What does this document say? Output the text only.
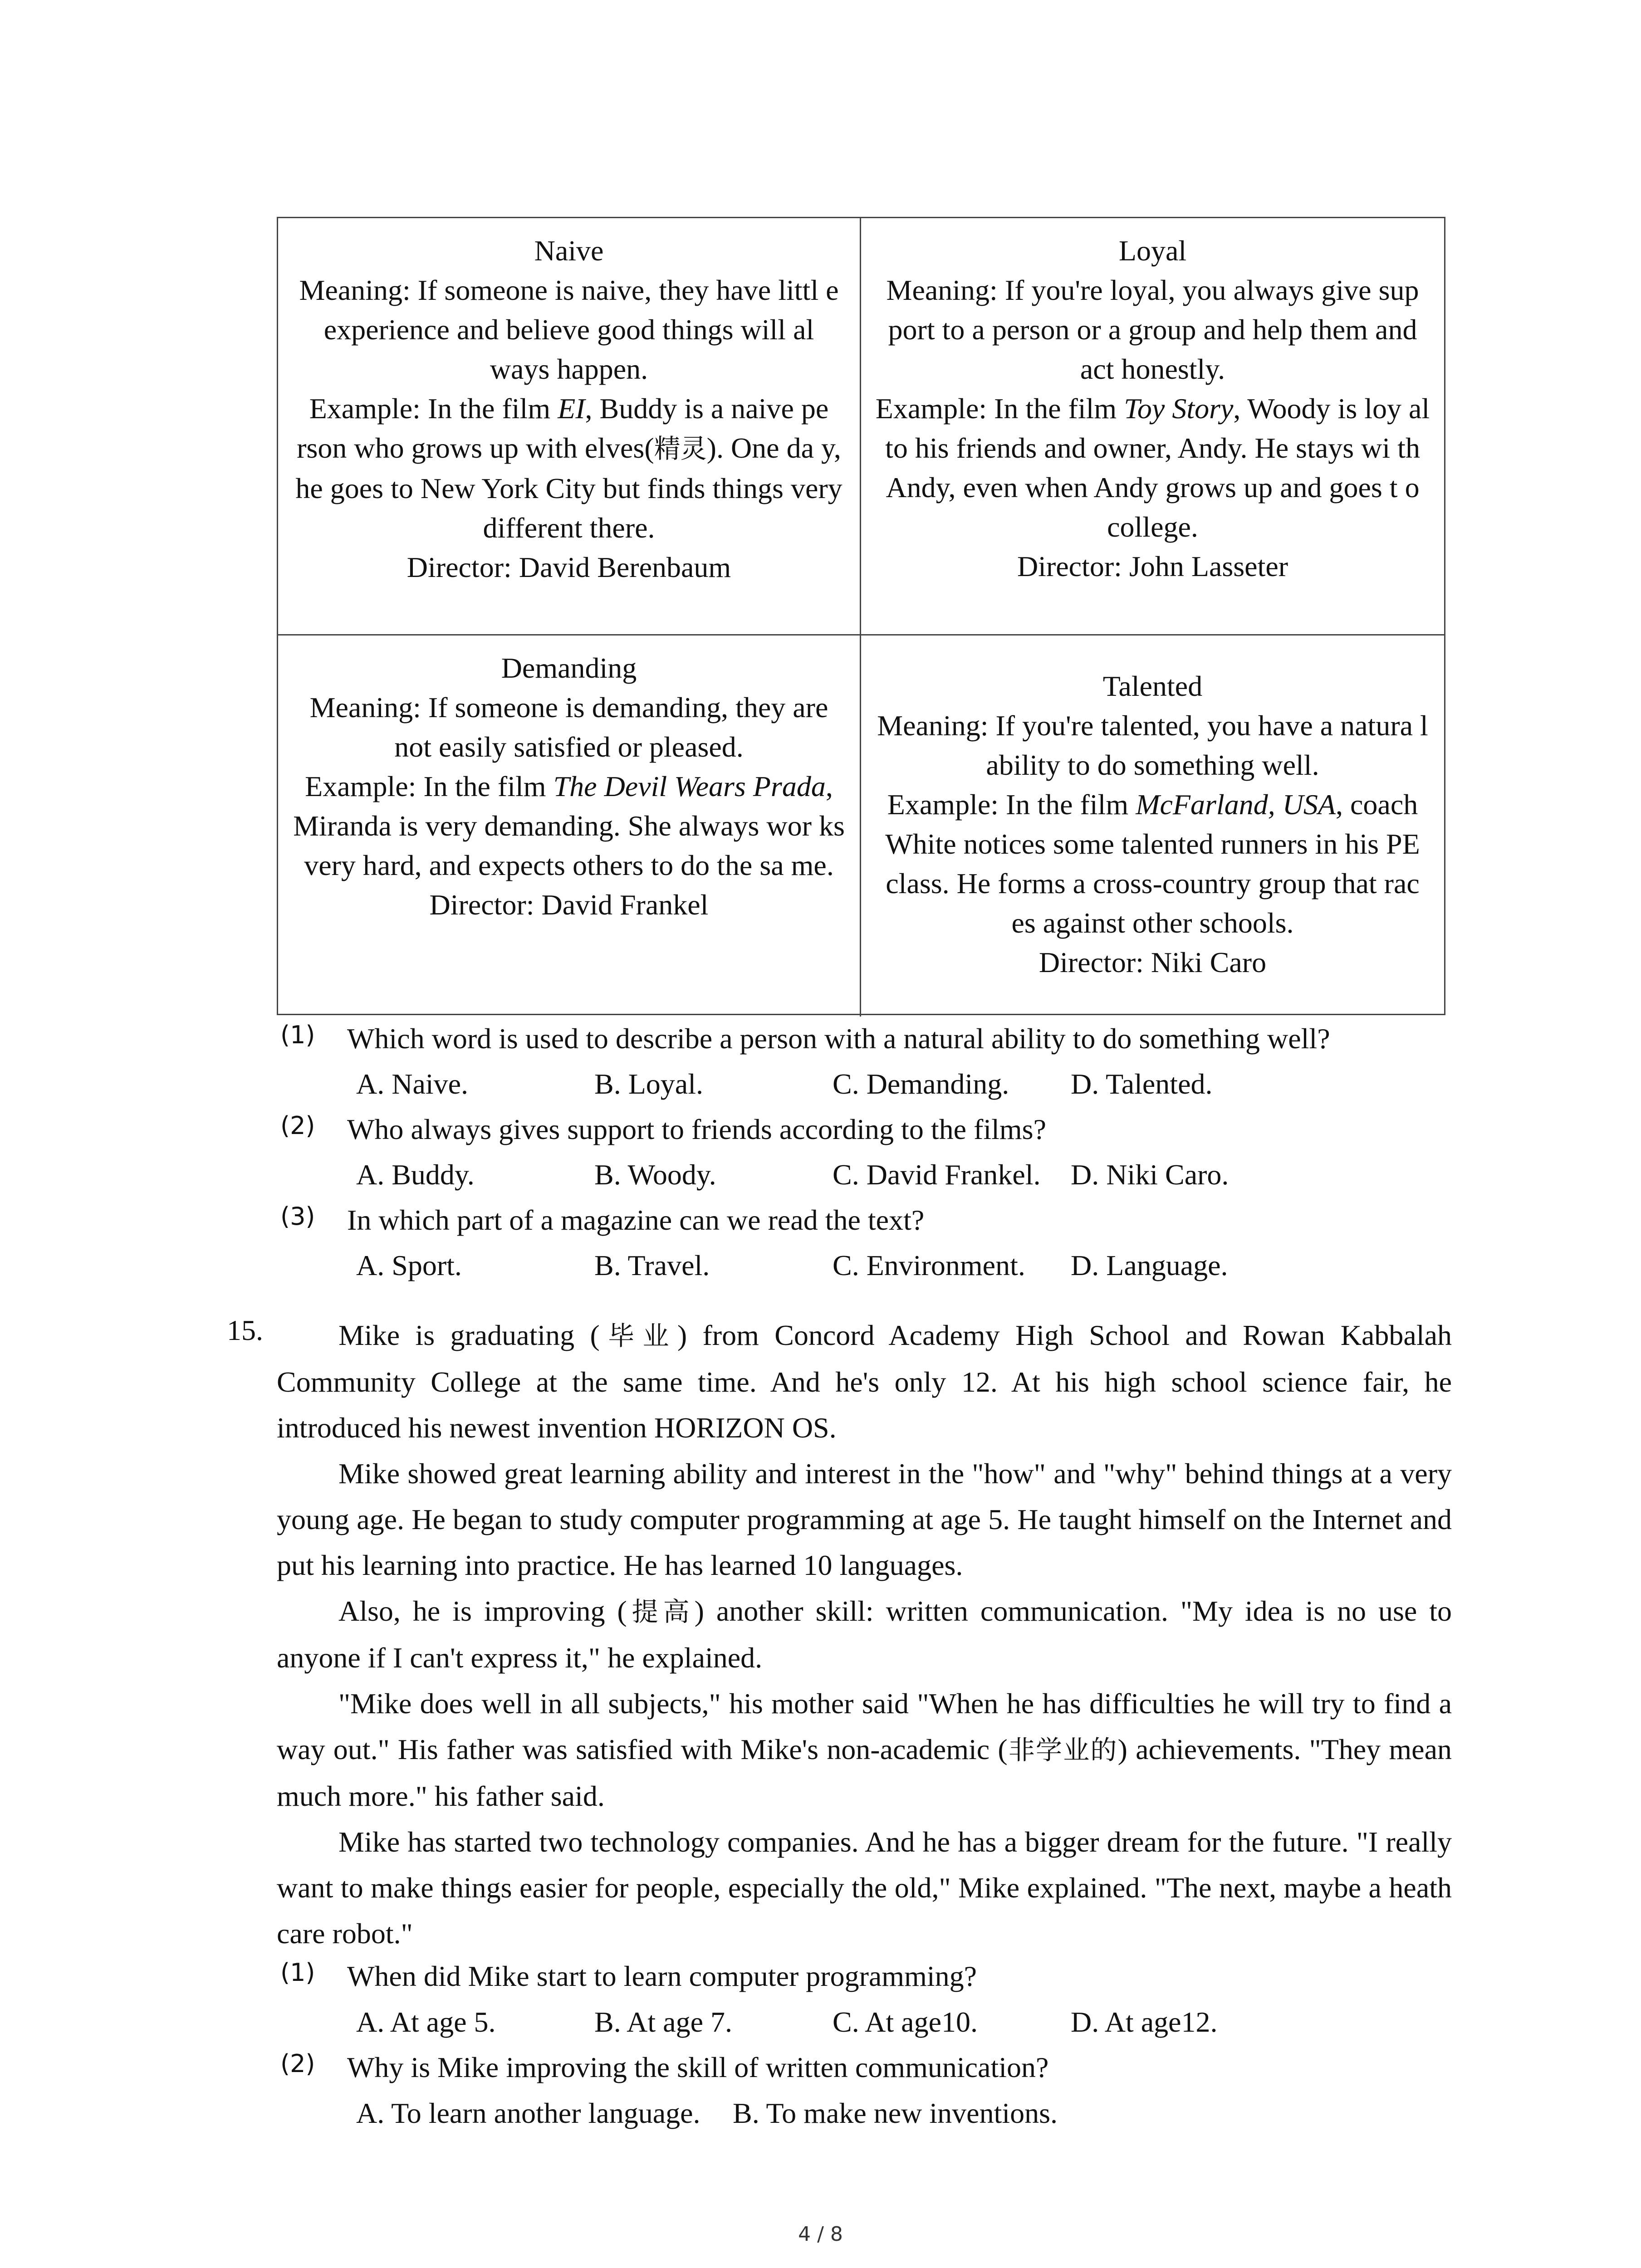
Naive

Meaning: If someone is naive, they have littl e experience and believe good things will al ways happen.

Example: In the film EI, Buddy is a naive pe rson who grows up with elves(精灵). One da y, he goes to New York City but finds things very different there.

Director: David Berenbaum

Loyal

Meaning: If you're loyal, you always give sup port to a person or a group and help them and act honestly.

Example: In the film Toy Story, Woody is loy al to his friends and owner, Andy. He stays wi th Andy, even when Andy grows up and goes t o college.

Director: John Lasseter

Demanding

Meaning: If someone is demanding, they are not easily satisfied or pleased.

Example: In the film The Devil Wears Prada, Miranda is very demanding. She always wor ks very hard, and expects others to do the sa me.

Director: David Frankel

Talented

Meaning: If you're talented, you have a natura l ability to do something well.

Example: In the film McFarland, USA, coach White notices some talented runners in his PE class. He forms a cross-country group that rac es against other schools.

Director: Niki Caro

(1) Which word is used to describe a person with a natural ability to do something well?
A. Naive.	B. Loyal.	C. Demanding. D. Talented.
(2) Who always gives support to friends according to the films?
A. Buddy.	B. Woody.	C. David Frankel. D. Niki Caro.
(3) In which part of a magazine can we read the text?
A. Sport.	B. Travel.	C. Environment. D. Language.
15.	Mike is graduating (毕业) from Concord Academy High School and Rowan Kabbalah Community College at the same time. And he's only 12. At his high school science fair, he introduced his newest invention HORIZON OS.

Mike showed great learning ability and interest in the "how" and "why" behind things at a very young age. He began to study computer programming at age 5. He taught himself on the Internet and put his learning into practice. He has learned 10 languages.

Also, he is improving (提高) another skill: written communication. "My idea is no use to anyone if I can't express it," he explained.

"Mike does well in all subjects," his mother said "When he has difficulties he will try to find a way out." His father was satisfied with Mike's non-academic (非学业的) achievements. "They mean much more." his father said.

Mike has started two technology companies. And he has a bigger dream for the future. "I really want to make things easier for people, especially the old," Mike explained. "The next, maybe a heath care robot."

(1) When did Mike start to learn computer programming?
A. At age 5.	B. At age 7.	C. At age10.	D. At age12.
(2) Why is Mike improving the skill of written communication?
A. To learn another language. B. To make new inventions.
4 / 8
